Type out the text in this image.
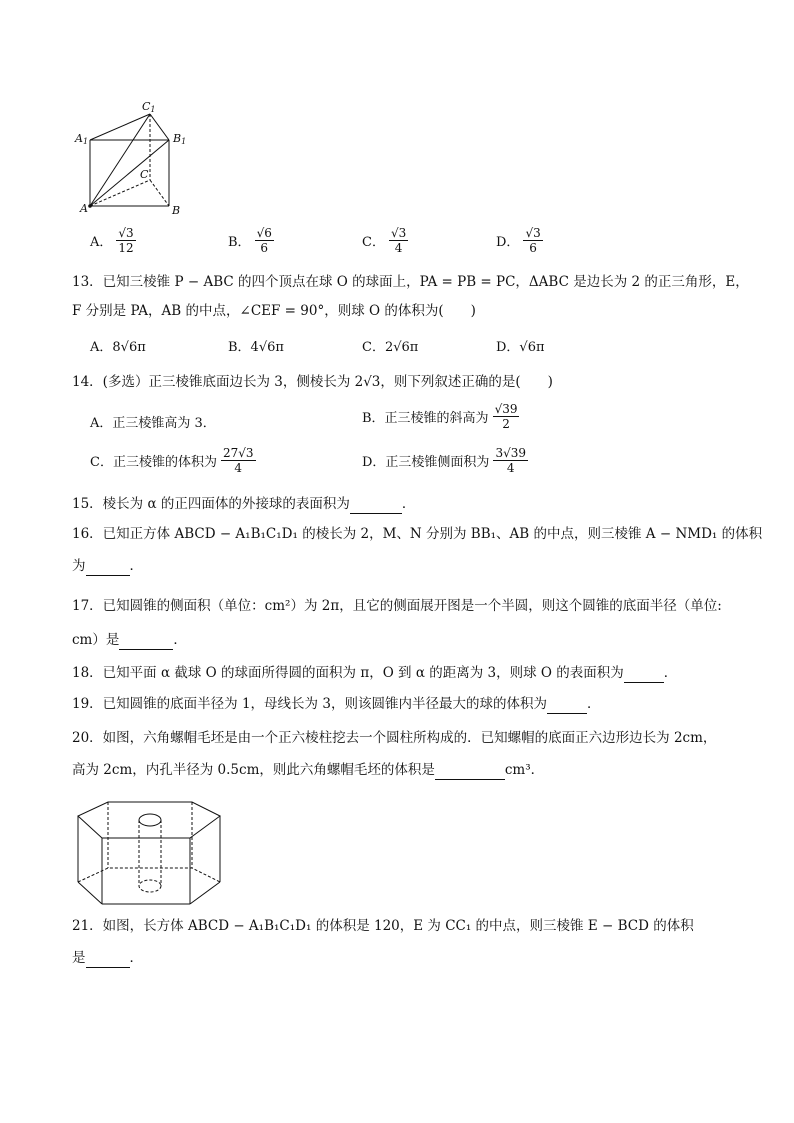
C1
A1	B1
C
A	B
A． $\frac{√3}{12}$	B． $\frac{√6}{6}$	C． $\frac{√3}{4}$	D． $\frac{√3}{6}$
13．已知三棱锥 P − ABC 的四个顶点在球 O 的球面上，PA = PB = PC，ΔABC 是边长为 2 的正三角形，E，
F 分别是 PA，AB 的中点，∠CEF = 90°，则球 O 的体积为(　　)
A．8√6π	B．4√6π	C．2√6π	D．√6π
14．(多选）正三棱锥底面边长为 3，侧棱长为 2√3，则下列叙述正确的是(　　)
A．正三棱锥高为 3．	B．正三棱锥的斜高为 $\frac{√39}{2}$
C．正三棱锥的体积为 $\frac{27√3}{4}$	D．正三棱锥侧面积为 $\frac{3√39}{4}$
15．棱长为 α 的正四面体的外接球的表面积为	．
16．已知正方体 ABCD − A₁B₁C₁D₁ 的棱长为 2，M、N 分别为 BB₁、AB 的中点，则三棱锥 A − NMD₁ 的体积
为	．
17．已知圆锥的侧面积（单位：cm²）为 2π，且它的侧面展开图是一个半圆，则这个圆锥的底面半径（单位:
cm）是	．
18．已知平面 α 截球 O 的球面所得圆的面积为 π，O 到 α 的距离为 3，则球 O 的表面积为	．
19．已知圆锥的底面半径为 1，母线长为 3，则该圆锥内半径最大的球的体积为	．
20．如图，六角螺帽毛坯是由一个正六棱柱挖去一个圆柱所构成的．已知螺帽的底面正六边形边长为 2cm，
高为 2cm，内孔半径为 0.5cm，则此六角螺帽毛坯的体积是	cm³．
21．如图，长方体 ABCD − A₁B₁C₁D₁ 的体积是 120，E 为 CC₁ 的中点，则三棱锥 E − BCD 的体积
是	．
